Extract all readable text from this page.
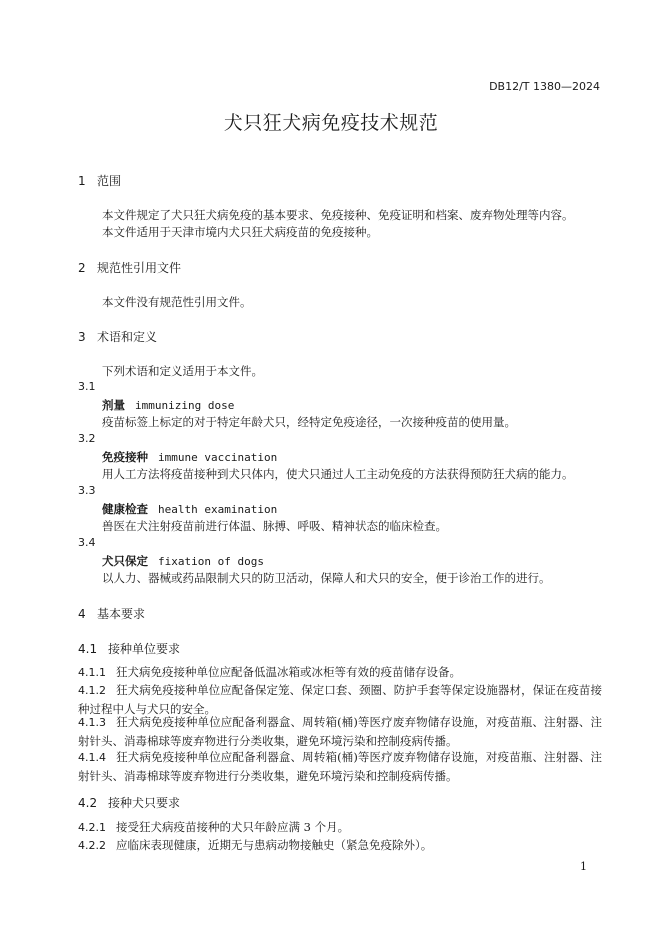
DB12/T 1380—2024
犬只狂犬病免疫技术规范
1 范围
本文件规定了犬只狂犬病免疫的基本要求、免疫接种、免疫证明和档案、废弃物处理等内容。
本文件适用于天津市境内犬只狂犬病疫苗的免疫接种。
2 规范性引用文件
本文件没有规范性引用文件。
3 术语和定义
下列术语和定义适用于本文件。
3.1
剂量 immunizing dose
疫苗标签上标定的对于特定年龄犬只，经特定免疫途径，一次接种疫苗的使用量。
3.2
免疫接种 immune vaccination
用人工方法将疫苗接种到犬只体内，使犬只通过人工主动免疫的方法获得预防狂犬病的能力。
3.3
健康检查 health examination
兽医在犬注射疫苗前进行体温、脉搏、呼吸、精神状态的临床检查。
3.4
犬只保定 fixation of dogs
以人力、器械或药品限制犬只的防卫活动，保障人和犬只的安全，便于诊治工作的进行。
4 基本要求
4.1 接种单位要求
4.1.1 狂犬病免疫接种单位应配备低温冰箱或冰柜等有效的疫苗储存设备。
4.1.2 狂犬病免疫接种单位应配备保定笼、保定口套、颈圈、防护手套等保定设施器材，保证在疫苗接种过程中人与犬只的安全。
4.1.3 狂犬病免疫接种单位应配备利器盒、周转箱(桶)等医疗废弃物储存设施，对疫苗瓶、注射器、注射针头、消毒棉球等废弃物进行分类收集，避免环境污染和控制疫病传播。
4.1.4 狂犬病免疫接种单位应配备利器盒、周转箱(桶)等医疗废弃物储存设施，对疫苗瓶、注射器、注射针头、消毒棉球等废弃物进行分类收集，避免环境污染和控制疫病传播。
4.2 接种犬只要求
4.2.1 接受狂犬病疫苗接种的犬只年龄应满 3 个月。
4.2.2 应临床表现健康，近期无与患病动物接触史（紧急免疫除外）。
1
